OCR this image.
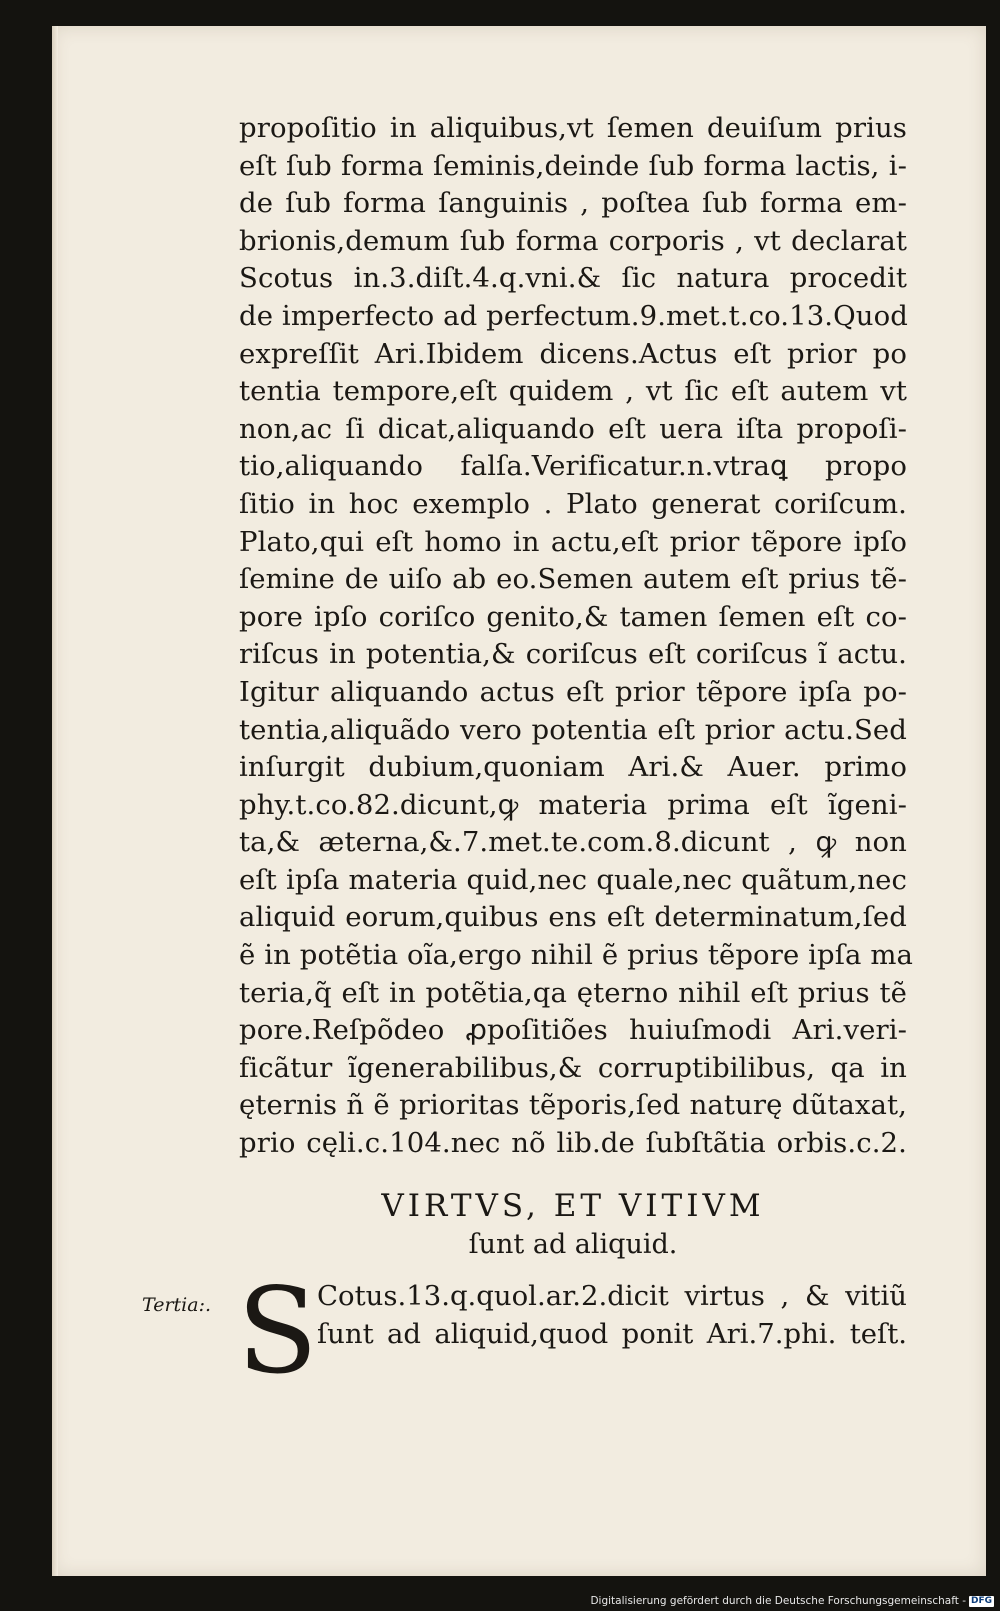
propoſitio in aliquibus,vt ſemen deuiſum prius
eſt ſub forma ſeminis,deinde ſub forma lactis, i-
de ſub forma ſanguinis , poſtea ſub forma em-
brionis,demum ſub forma corporis , vt declarat
Scotus in.3.diſt.4.q.vni.& ſic natura procedit
de imperfecto ad perfectum.9.met.t.co.13.Quod
expreſſit Ari.Ibidem dicens.Actus eſt prior po
tentia tempore,eſt quidem , vt ſic eſt autem vt
non,ac ſi dicat,aliquando eſt uera iſta propoſi-
tio,aliquando falſa.Verificatur.n.vtraꝗ propo
ſitio in hoc exemplo . Plato generat coriſcum.
Plato,qui eſt homo in actu,eſt prior tẽpore ipſo
ſemine de uiſo ab eo.Semen autem eſt prius tẽ-
pore ipſo coriſco genito,& tamen ſemen eſt co-
riſcus in potentia,& coriſcus eſt coriſcus ĩ actu.
Igitur aliquando actus eſt prior tẽpore ipſa po-
tentia,aliquãdo vero potentia eſt prior actu.Sed
inſurgit dubium,quoniam Ari.& Auer. primo
phy.t.co.82.dicunt,ꝙ materia prima eſt ĩgeni-
ta,& æterna,&.7.met.te.com.8.dicunt , ꝙ non
eſt ipſa materia quid,nec quale,nec quãtum,nec
aliquid eorum,quibus ens eſt determinatum,ſed
ẽ in potẽtia oĩa,ergo nihil ẽ prius tẽpore ipſa ma
teria,q̃ eſt in potẽtia,qa ęterno nihil eſt prius tẽ
pore.Reſpõdeo ꝓpoſitiões huiuſmodi Ari.veri-
ficãtur ĩgenerabilibus,& corruptibilibus, qa in
ęternis ñ ẽ prioritas tẽporis,ſed naturę dũtaxat,
prio cęli.c.104.nec nõ lib.de ſubſtãtia orbis.c.2.
VIRTVS, ET VITIVM
ſunt ad aliquid.
Tertia:. S Cotus.13.q.quol.ar.2.dicit virtus , & vitiũ
ſunt ad aliquid,quod ponit Ari.7.phi. teſt.
Digitalisierung gefördert durch die Deutsche Forschungsgemeinschaft - DFG
